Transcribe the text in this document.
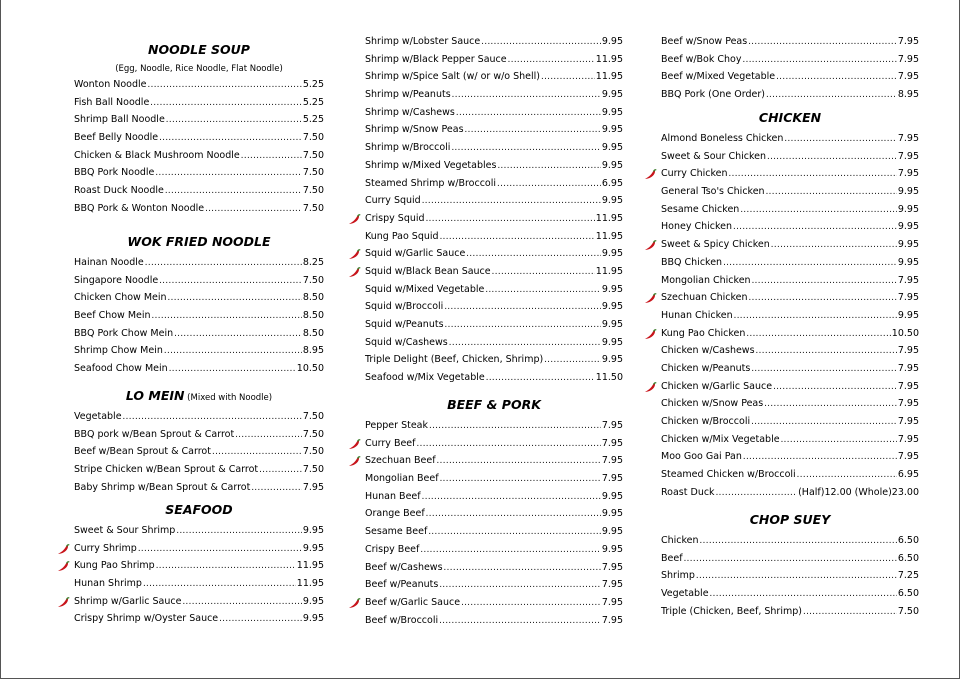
NOODLE SOUP
(Egg, Noodle, Rice Noodle, Flat Noodle)
Wonton Noodle .....	5.25
Fish Ball Noodle .....	5.25
Shrimp Ball Noodle .....	5.25
Beef Belly Noodle .....	7.50
Chicken & Black Mushroom Noodle .....	7.50
BBQ Pork Noodle .....	7.50
Roast Duck Noodle .....	7.50
BBQ Pork & Wonton Noodle .....	7.50
WOK FRIED NOODLE
Hainan Noodle .....	8.25
Singapore Noodle .....	7.50
Chicken Chow Mein .....	8.50
Beef Chow Mein .....	8.50
BBQ Pork Chow Mein .....	8.50
Shrimp Chow Mein .....	8.95
Seafood Chow Mein .....	10.50
LO MEIN (Mixed with Noodle)
Vegetable .....	7.50
BBQ pork w/Bean Sprout & Carrot .....	7.50
Beef w/Bean Sprout & Carrot .....	7.50
Stripe Chicken w/Bean Sprout & Carrot .....	7.50
Baby Shrimp w/Bean Sprout & Carrot .....	7.95
SEAFOOD
Sweet & Sour Shrimp .....	9.95
Curry Shrimp .....	9.95
Kung Pao Shrimp .....	11.95
Hunan Shrimp .....	11.95
Shrimp w/Garlic Sauce .....	9.95
Crispy Shrimp w/Oyster Sauce .....	9.95
Shrimp w/Lobster Sauce .....	9.95
Shrimp w/Black Pepper Sauce .....	11.95
Shrimp w/Spice Salt (w/ or w/o Shell) .....	11.95
Shrimp w/Peanuts .....	9.95
Shrimp w/Cashews .....	9.95
Shrimp w/Snow Peas .....	9.95
Shrimp w/Broccoli .....	9.95
Shrimp w/Mixed Vegetables .....	9.95
Steamed Shrimp w/Broccoli .....	6.95
Curry Squid .....	9.95
Crispy Squid .....	11.95
Kung Pao Squid .....	11.95
Squid w/Garlic Sauce .....	9.95
Squid w/Black Bean Sauce .....	11.95
Squid w/Mixed Vegetable .....	9.95
Squid w/Broccoli .....	9.95
Squid w/Peanuts .....	9.95
Squid w/Cashews .....	9.95
Triple Delight (Beef, Chicken, Shrimp) .....	9.95
Seafood w/Mix Vegetable .....	11.50
BEEF & PORK
Pepper Steak .....	7.95
Curry Beef .....	7.95
Szechuan Beef .....	7.95
Mongolian Beef .....	7.95
Hunan Beef .....	9.95
Orange Beef .....	9.95
Sesame Beef .....	9.95
Crispy Beef .....	9.95
Beef w/Cashews .....	7.95
Beef w/Peanuts .....	7.95
Beef w/Garlic Sauce .....	7.95
Beef w/Broccoli .....	7.95
Beef w/Snow Peas .....	7.95
Beef w/Bok Choy .....	7.95
Beef w/Mixed Vegetable .....	7.95
BBQ Pork (One Order) .....	8.95
CHICKEN
Almond Boneless Chicken .....	7.95
Sweet & Sour Chicken .....	7.95
Curry Chicken .....	7.95
General Tso's Chicken .....	9.95
Sesame Chicken .....	9.95
Honey Chicken .....	9.95
Sweet & Spicy Chicken .....	9.95
BBQ Chicken .....	9.95
Mongolian Chicken .....	7.95
Szechuan Chicken .....	7.95
Hunan Chicken .....	9.95
Kung Pao Chicken .....	10.50
Chicken w/Cashews .....	7.95
Chicken w/Peanuts .....	7.95
Chicken w/Garlic Sauce .....	7.95
Chicken w/Snow Peas .....	7.95
Chicken w/Broccoli .....	7.95
Chicken w/Mix Vegetable .....	7.95
Moo Goo Gai Pan .....	7.95
Steamed Chicken w/Broccoli .....	6.95
Roast Duck .....	(Half)12.00 (Whole)23.00
CHOP SUEY
Chicken .....	6.50
Beef .....	6.50
Shrimp .....	7.25
Vegetable .....	6.50
Triple (Chicken, Beef, Shrimp) .....	7.50
